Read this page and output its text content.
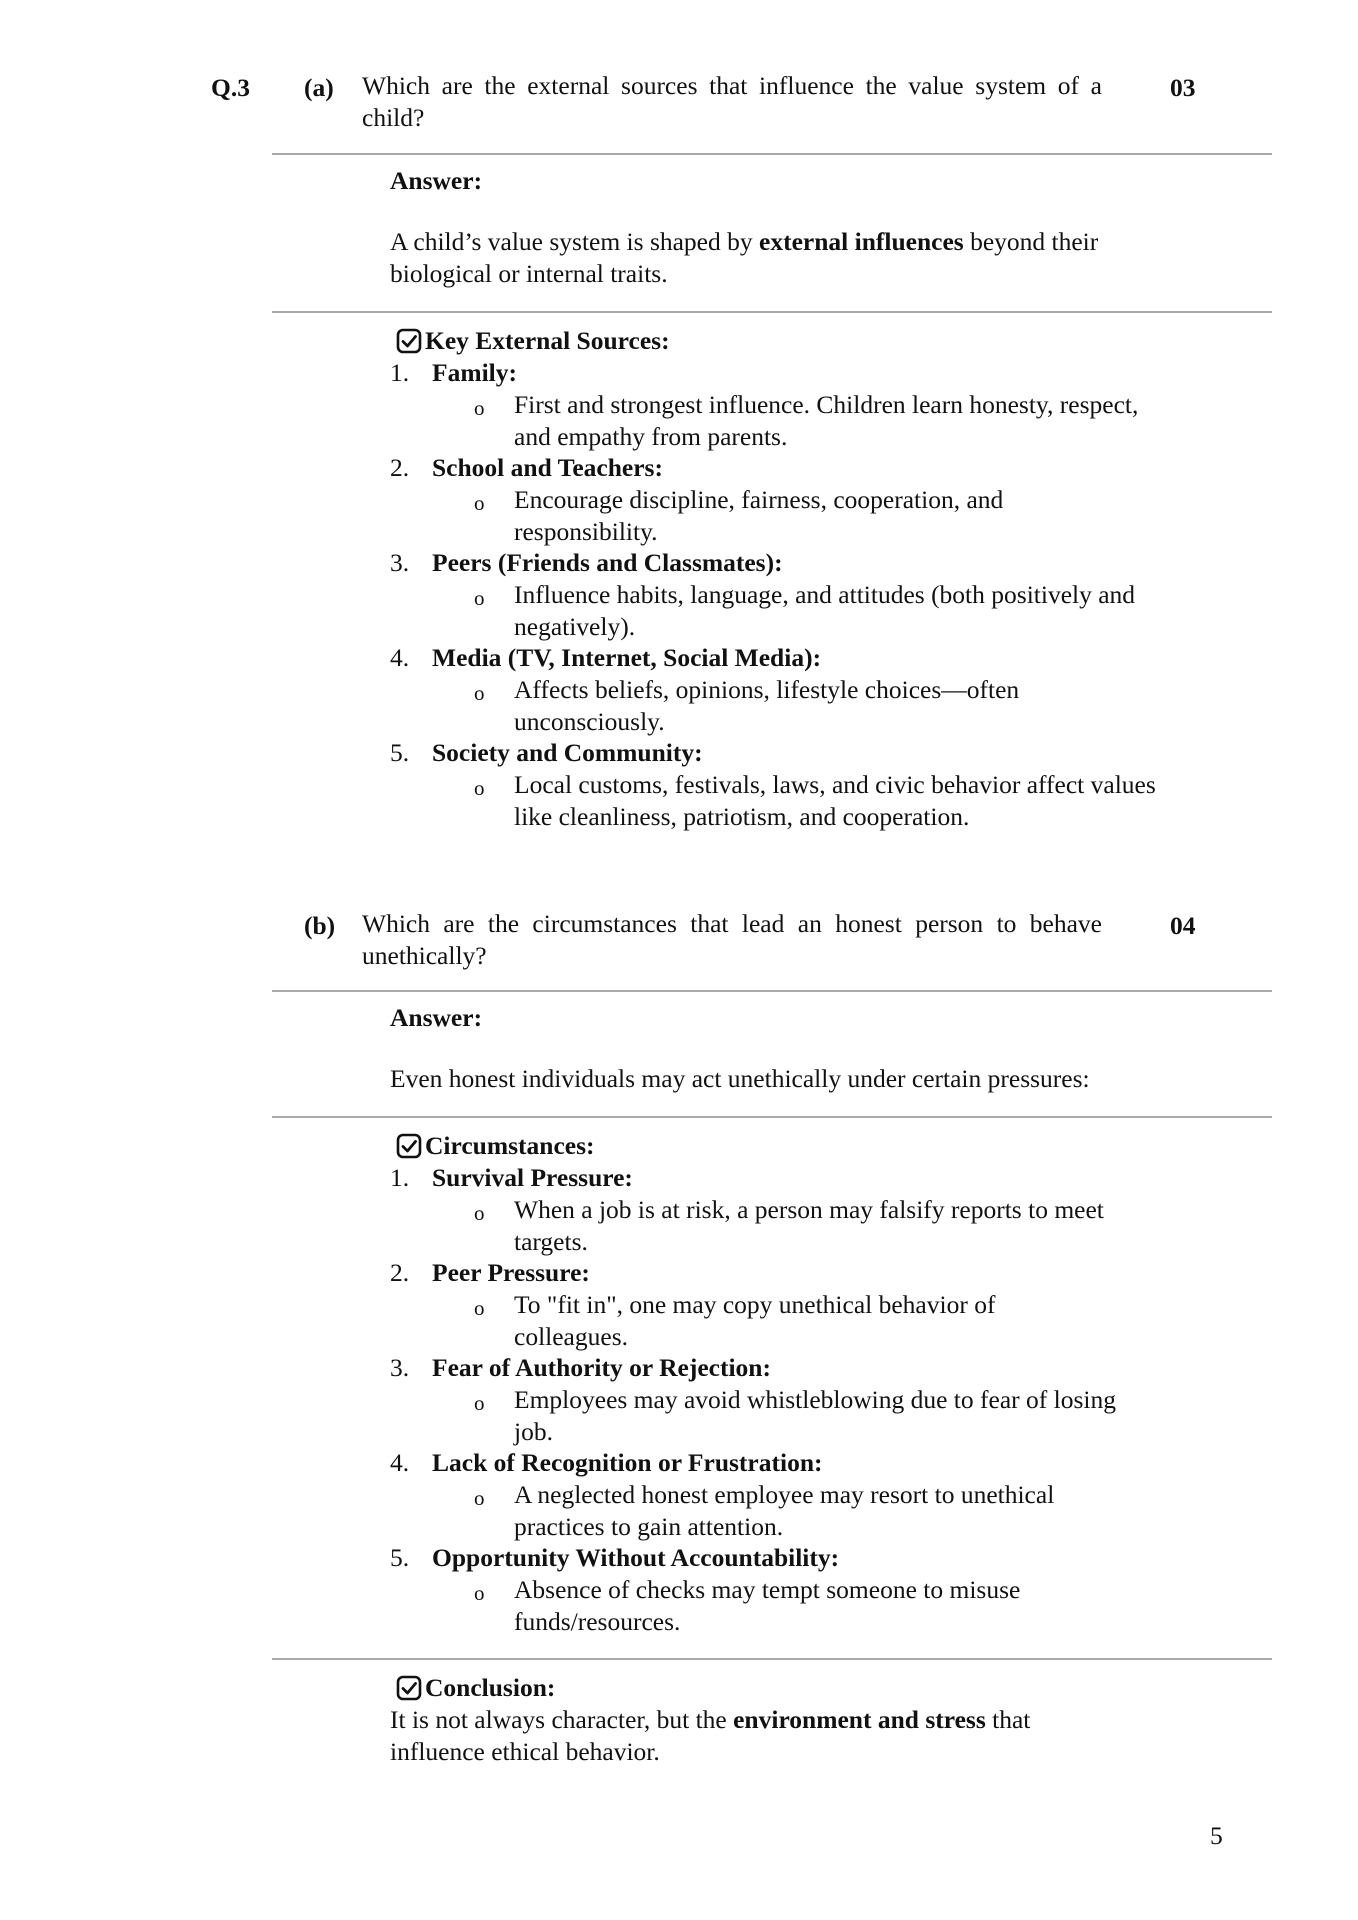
Q.3 (a) Which are the external sources that influence the value system of a child?
03
Answer:
A child’s value system is shaped by external influences beyond their biological or internal traits.
Key External Sources:
1. Family:
o First and strongest influence. Children learn honesty, respect, and empathy from parents.
2. School and Teachers:
o Encourage discipline, fairness, cooperation, and responsibility.
3. Peers (Friends and Classmates):
o Influence habits, language, and attitudes (both positively and negatively).
4. Media (TV, Internet, Social Media):
o Affects beliefs, opinions, lifestyle choices—often unconsciously.
5. Society and Community:
o Local customs, festivals, laws, and civic behavior affect values like cleanliness, patriotism, and cooperation.
(b) Which are the circumstances that lead an honest person to behave unethically?
04
Answer:
Even honest individuals may act unethically under certain pressures:
Circumstances:
1. Survival Pressure:
o When a job is at risk, a person may falsify reports to meet targets.
2. Peer Pressure:
o To "fit in", one may copy unethical behavior of colleagues.
3. Fear of Authority or Rejection:
o Employees may avoid whistleblowing due to fear of losing job.
4. Lack of Recognition or Frustration:
o A neglected honest employee may resort to unethical practices to gain attention.
5. Opportunity Without Accountability:
o Absence of checks may tempt someone to misuse funds/resources.
Conclusion:
It is not always character, but the environment and stress that influence ethical behavior.
5
